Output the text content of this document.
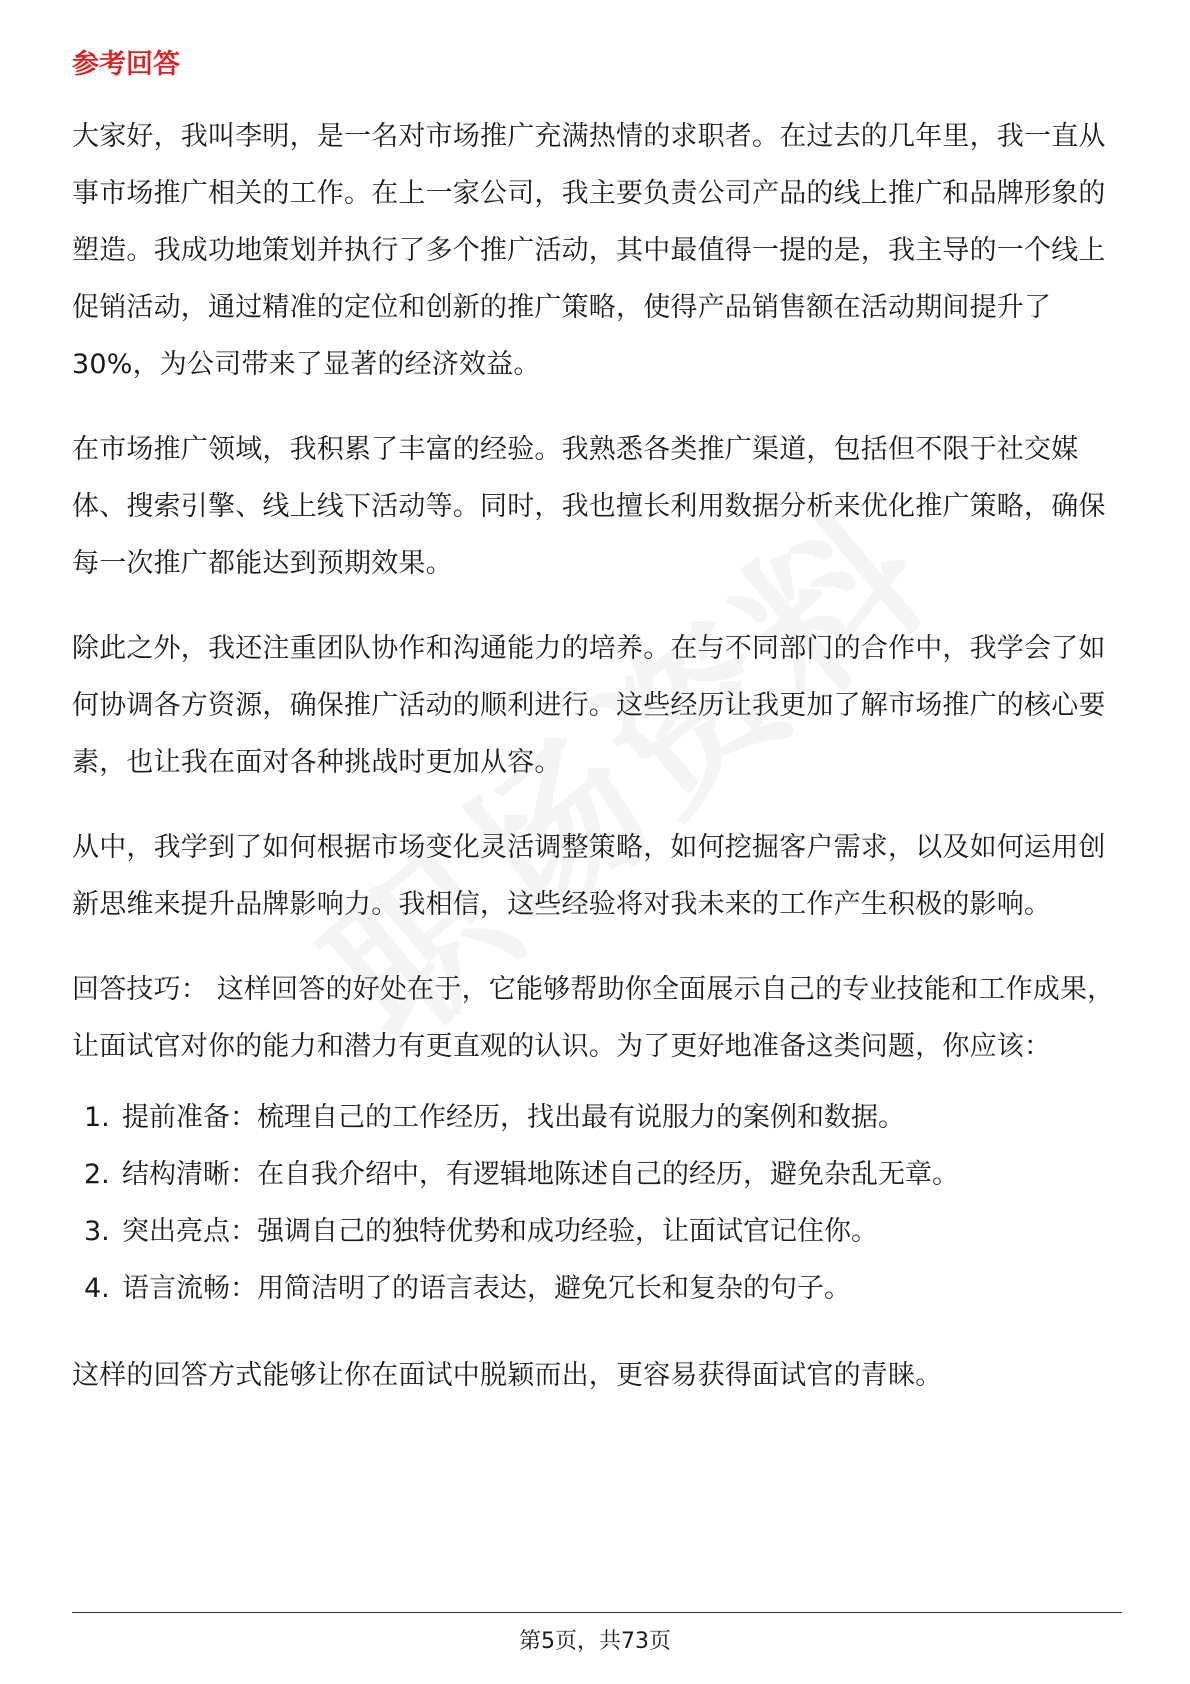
参考回答

大家好，我叫李明，是一名对市场推广充满热情的求职者。在过去的几年里，我一直从事市场推广相关的工作。在上一家公司，我主要负责公司产品的线上推广和品牌形象的塑造。我成功地策划并执行了多个推广活动，其中最值得一提的是，我主导的一个线上促销活动，通过精准的定位和创新的推广策略，使得产品销售额在活动期间提升了30%，为公司带来了显著的经济效益。

在市场推广领域，我积累了丰富的经验。我熟悉各类推广渠道，包括但不限于社交媒体、搜索引擎、线上线下活动等。同时，我也擅长利用数据分析来优化推广策略，确保每一次推广都能达到预期效果。

除此之外，我还注重团队协作和沟通能力的培养。在与不同部门的合作中，我学会了如何协调各方资源，确保推广活动的顺利进行。这些经历让我更加了解市场推广的核心要素，也让我在面对各种挑战时更加从容。

从中，我学到了如何根据市场变化灵活调整策略，如何挖掘客户需求，以及如何运用创新思维来提升品牌影响力。我相信，这些经验将对我未来的工作产生积极的影响。

回答技巧： 这样回答的好处在于，它能够帮助你全面展示自己的专业技能和工作成果，让面试官对你的能力和潜力有更直观的认识。为了更好地准备这类问题，你应该：

1. 提前准备：梳理自己的工作经历，找出最有说服力的案例和数据。
2. 结构清晰：在自我介绍中，有逻辑地陈述自己的经历，避免杂乱无章。
3. 突出亮点：强调自己的独特优势和成功经验，让面试官记住你。
4. 语言流畅：用简洁明了的语言表达，避免冗长和复杂的句子。

这样的回答方式能够让你在面试中脱颖而出，更容易获得面试官的青睐。

第5页，共73页
